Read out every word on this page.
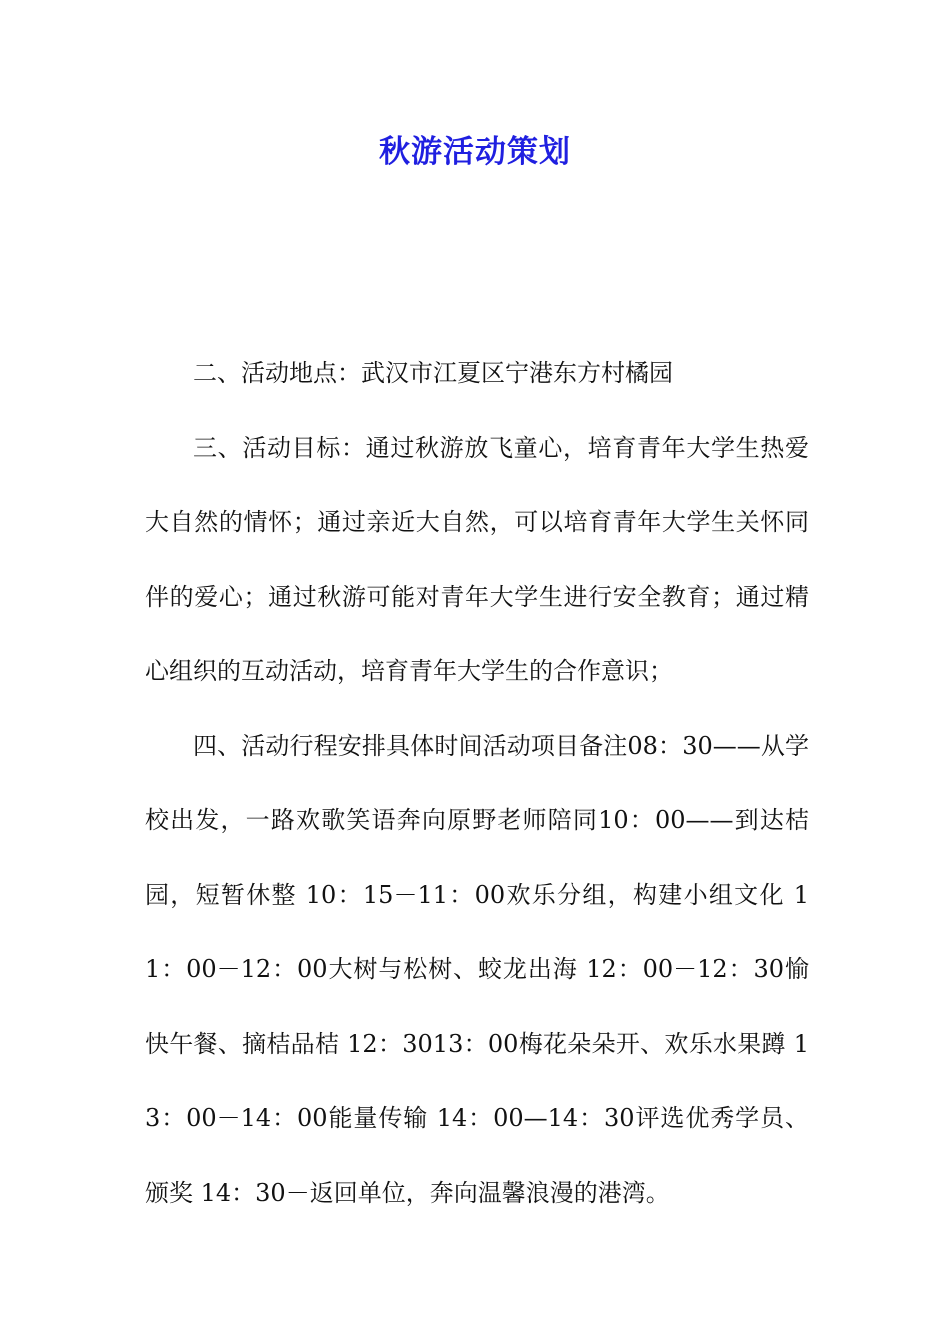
秋游活动策划

二、活动地点：武汉市江夏区宁港东方村橘园

三、活动目标：通过秋游放飞童心，培育青年大学生热爱大自然的情怀；通过亲近大自然，可以培育青年大学生关怀同伴的爱心；通过秋游可能对青年大学生进行安全教育；通过精心组织的互动活动，培育青年大学生的合作意识；

四、活动行程安排具体时间活动项目备注08：30——从学校出发，一路欢歌笑语奔向原野老师陪同10：00——到达桔园，短暂休整 10：15－11：00欢乐分组，构建小组文化 11：00－12：00大树与松树、蛟龙出海 12：00－12：30愉快午餐、摘桔品桔 12：3013：00梅花朵朵开、欢乐水果蹲 13：00－14：00能量传输 14：00—14：30评选优秀学员、颁奖 14：30－返回单位，奔向温馨浪漫的港湾。
